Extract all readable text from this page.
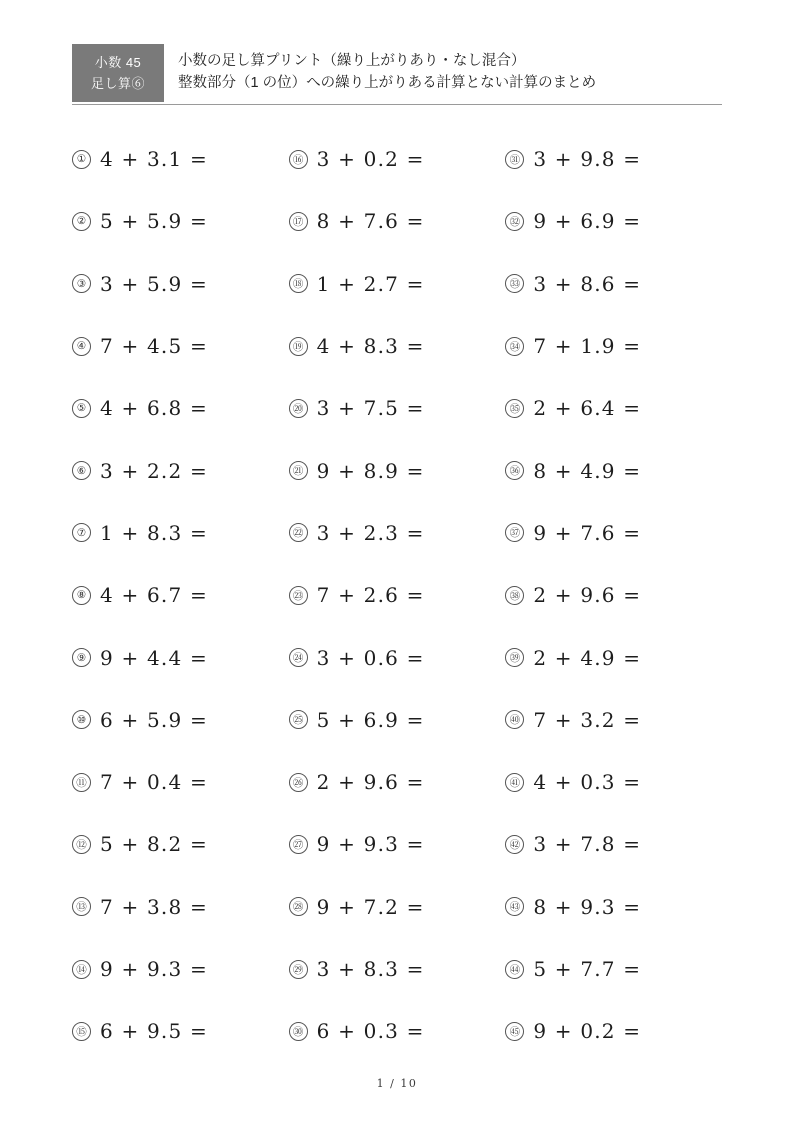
小数 45
足し算⑥
小数の足し算プリント（繰り上がりあり・なし混合）
整数部分（1 の位）への繰り上がりある計算とない計算のまとめ
① 4 + 3.1 =	⑯ 3 + 0.2 =	㉛ 3 + 9.8 =
② 5 + 5.9 =	⑰ 8 + 7.6 =	㉜ 9 + 6.9 =
③ 3 + 5.9 =	⑱ 1 + 2.7 =	㉝ 3 + 8.6 =
④ 7 + 4.5 =	⑲ 4 + 8.3 =	㉞ 7 + 1.9 =
⑤ 4 + 6.8 =	⑳ 3 + 7.5 =	㉟ 2 + 6.4 =
⑥ 3 + 2.2 =	㉑ 9 + 8.9 =	㊱ 8 + 4.9 =
⑦ 1 + 8.3 =	㉒ 3 + 2.3 =	㊲ 9 + 7.6 =
⑧ 4 + 6.7 =	㉓ 7 + 2.6 =	㊳ 2 + 9.6 =
⑨ 9 + 4.4 =	㉔ 3 + 0.6 =	㊴ 2 + 4.9 =
⑩ 6 + 5.9 =	㉕ 5 + 6.9 =	㊵ 7 + 3.2 =
⑪ 7 + 0.4 =	㉖ 2 + 9.6 =	㊶ 4 + 0.3 =
⑫ 5 + 8.2 =	㉗ 9 + 9.3 =	㊷ 3 + 7.8 =
⑬ 7 + 3.8 =	㉘ 9 + 7.2 =	㊸ 8 + 9.3 =
⑭ 9 + 9.3 =	㉙ 3 + 8.3 =	㊹ 5 + 7.7 =
⑮ 6 + 9.5 =	㉚ 6 + 0.3 =	㊺ 9 + 0.2 =
1 / 10
